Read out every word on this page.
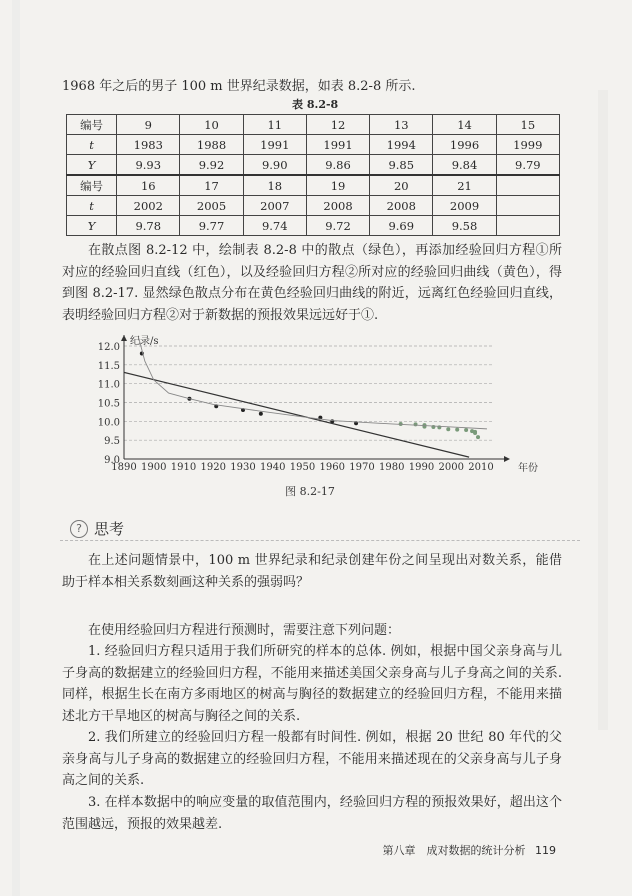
1968 年之后的男子 100 m 世界纪录数据，如表 8.2-8 所示.
表 8.2-8
编号	9	10	11	12	13	14	15
t	1983	1988	1991	1991	1994	1996	1999
Y	9.93	9.92	9.90	9.86	9.85	9.84	9.79
编号	16	17	18	19	20	21	
t	2002	2005	2007	2008	2008	2009	
Y	9.78	9.77	9.74	9.72	9.69	9.58	
在散点图 8.2-12 中，绘制表 8.2-8 中的散点（绿色），再添加经验回归方程①所对应的经验回归直线（红色），以及经验回归方程②所对应的经验回归曲线（黄色），得到图 8.2-17. 显然绿色散点分布在黄色经验回归曲线的附近，远离红色经验回归直线，表明经验回归方程②对于新数据的预报效果远远好于①.
9.0
9.5
10.0
10.5
11.0
11.5
12.0
1890 1900 1910 1920 1930 1940 1950 1960 1970 1980 1990 2000 2010
纪录/s
年份
图 8.2-17
? 思考
在上述问题情景中，100 m 世界纪录和纪录创建年份之间呈现出对数关系，能借助于样本相关系数刻画这种关系的强弱吗？
在使用经验回归方程进行预测时，需要注意下列问题：
1. 经验回归方程只适用于我们所研究的样本的总体. 例如，根据中国父亲身高与儿子身高的数据建立的经验回归方程，不能用来描述美国父亲身高与儿子身高之间的关系. 同样，根据生长在南方多雨地区的树高与胸径的数据建立的经验回归方程，不能用来描述北方干旱地区的树高与胸径之间的关系.
2. 我们所建立的经验回归方程一般都有时间性. 例如，根据 20 世纪 80 年代的父亲身高与儿子身高的数据建立的经验回归方程，不能用来描述现在的父亲身高与儿子身高之间的关系.
3. 在样本数据中的响应变量的取值范围内，经验回归方程的预报效果好，超出这个范围越远，预报的效果越差.
第八章　成对数据的统计分析 119
